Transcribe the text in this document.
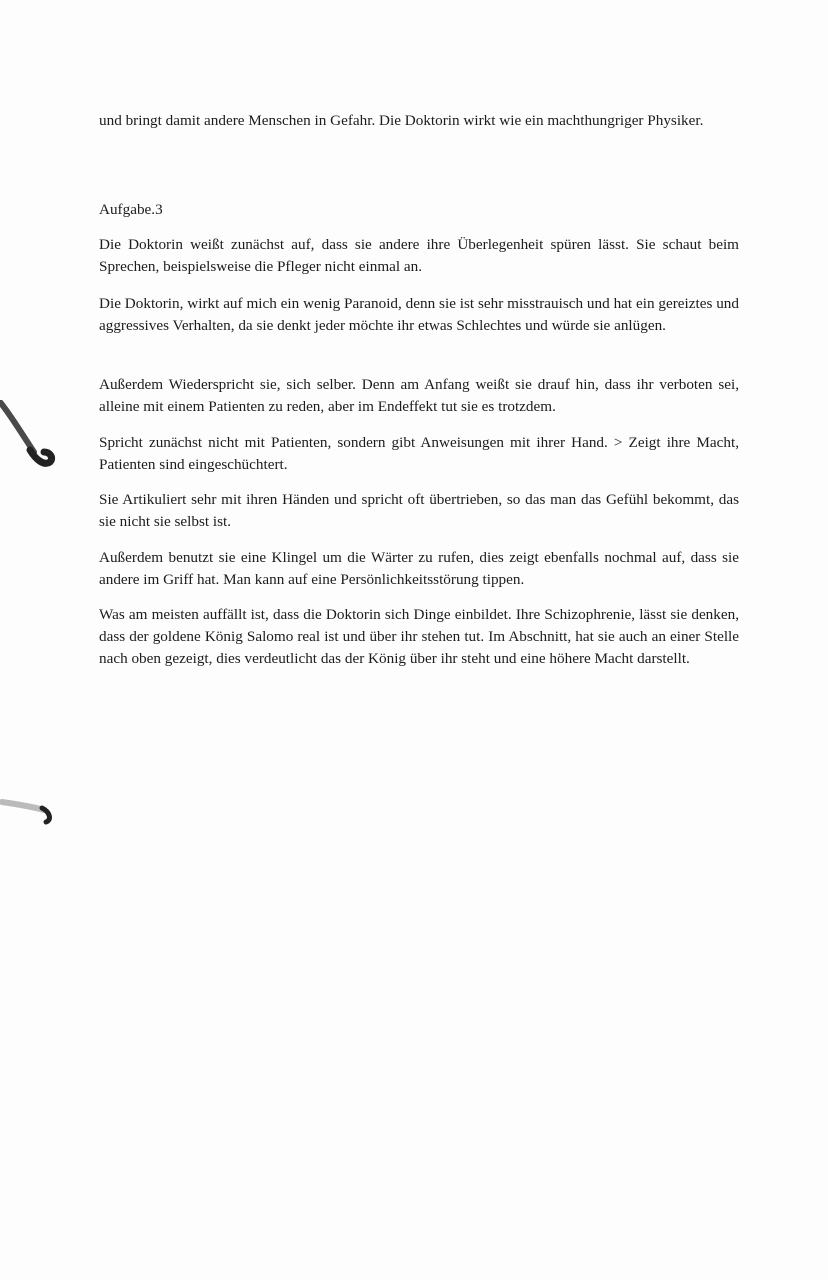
und bringt damit andere Menschen in Gefahr. Die Doktorin wirkt wie ein machthungriger Physiker.

Aufgabe.3

Die Doktorin weißt zunächst auf, dass sie andere ihre Überlegenheit spüren lässt. Sie schaut beim Sprechen, beispielsweise die Pfleger nicht einmal an.

Die Doktorin, wirkt auf mich ein wenig Paranoid, denn sie ist sehr misstrauisch und hat ein gereiztes und aggressives Verhalten, da sie denkt jeder möchte ihr etwas Schlechtes und würde sie anlügen.

Außerdem Wiederspricht sie, sich selber. Denn am Anfang weißt sie drauf hin, dass ihr verboten sei, alleine mit einem Patienten zu reden, aber im Endeffekt tut sie es trotzdem.

Spricht zunächst nicht mit Patienten, sondern gibt Anweisungen mit ihrer Hand. > Zeigt ihre Macht, Patienten sind eingeschüchtert.

Sie Artikuliert sehr mit ihren Händen und spricht oft übertrieben, so das man das Gefühl bekommt, das sie nicht sie selbst ist.

Außerdem benutzt sie eine Klingel um die Wärter zu rufen, dies zeigt ebenfalls nochmal auf, dass sie andere im Griff hat. Man kann auf eine Persönlichkeitsstörung tippen.

Was am meisten auffällt ist, dass die Doktorin sich Dinge einbildet. Ihre Schizophrenie, lässt sie denken, dass der goldene König Salomo real ist und über ihr stehen tut. Im Abschnitt, hat sie auch an einer Stelle nach oben gezeigt, dies verdeutlicht das der König über ihr steht und eine höhere Macht darstellt.
